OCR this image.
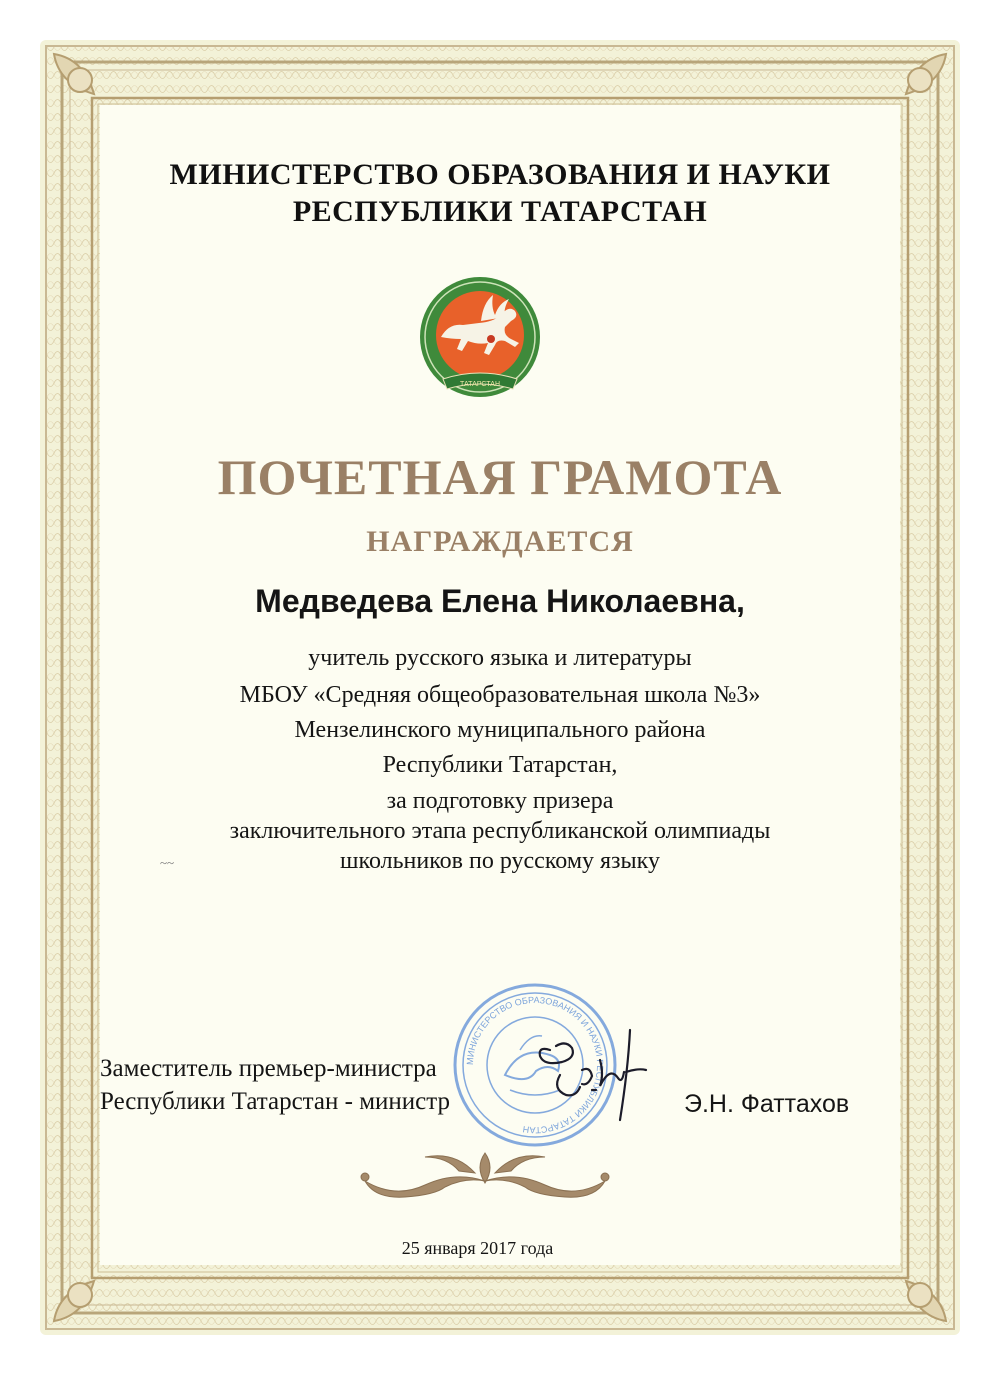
МИНИСТЕРСТВО ОБРАЗОВАНИЯ И НАУКИ
РЕСПУБЛИКИ ТАТАРСТАН
ТАТАРСТАН
ПОЧЕТНАЯ ГРАМОТА
НАГРАЖДАЕТСЯ
Медведева Елена Николаевна,
учитель русского языка и литературы
МБОУ «Средняя общеобразовательная школа №3»
Мензелинского муниципального района
Республики Татарстан,
за подготовку призера
заключительного этапа республиканской олимпиады
школьников по русскому языку
~~
МИНИСТЕРСТВО ОБРАЗОВАНИЯ И НАУКИ РЕСПУБЛИКИ ТАТАРСТАН
Заместитель премьер-министра
Республики Татарстан - министр	Э.Н. Фаттахов
25 января 2017 года
